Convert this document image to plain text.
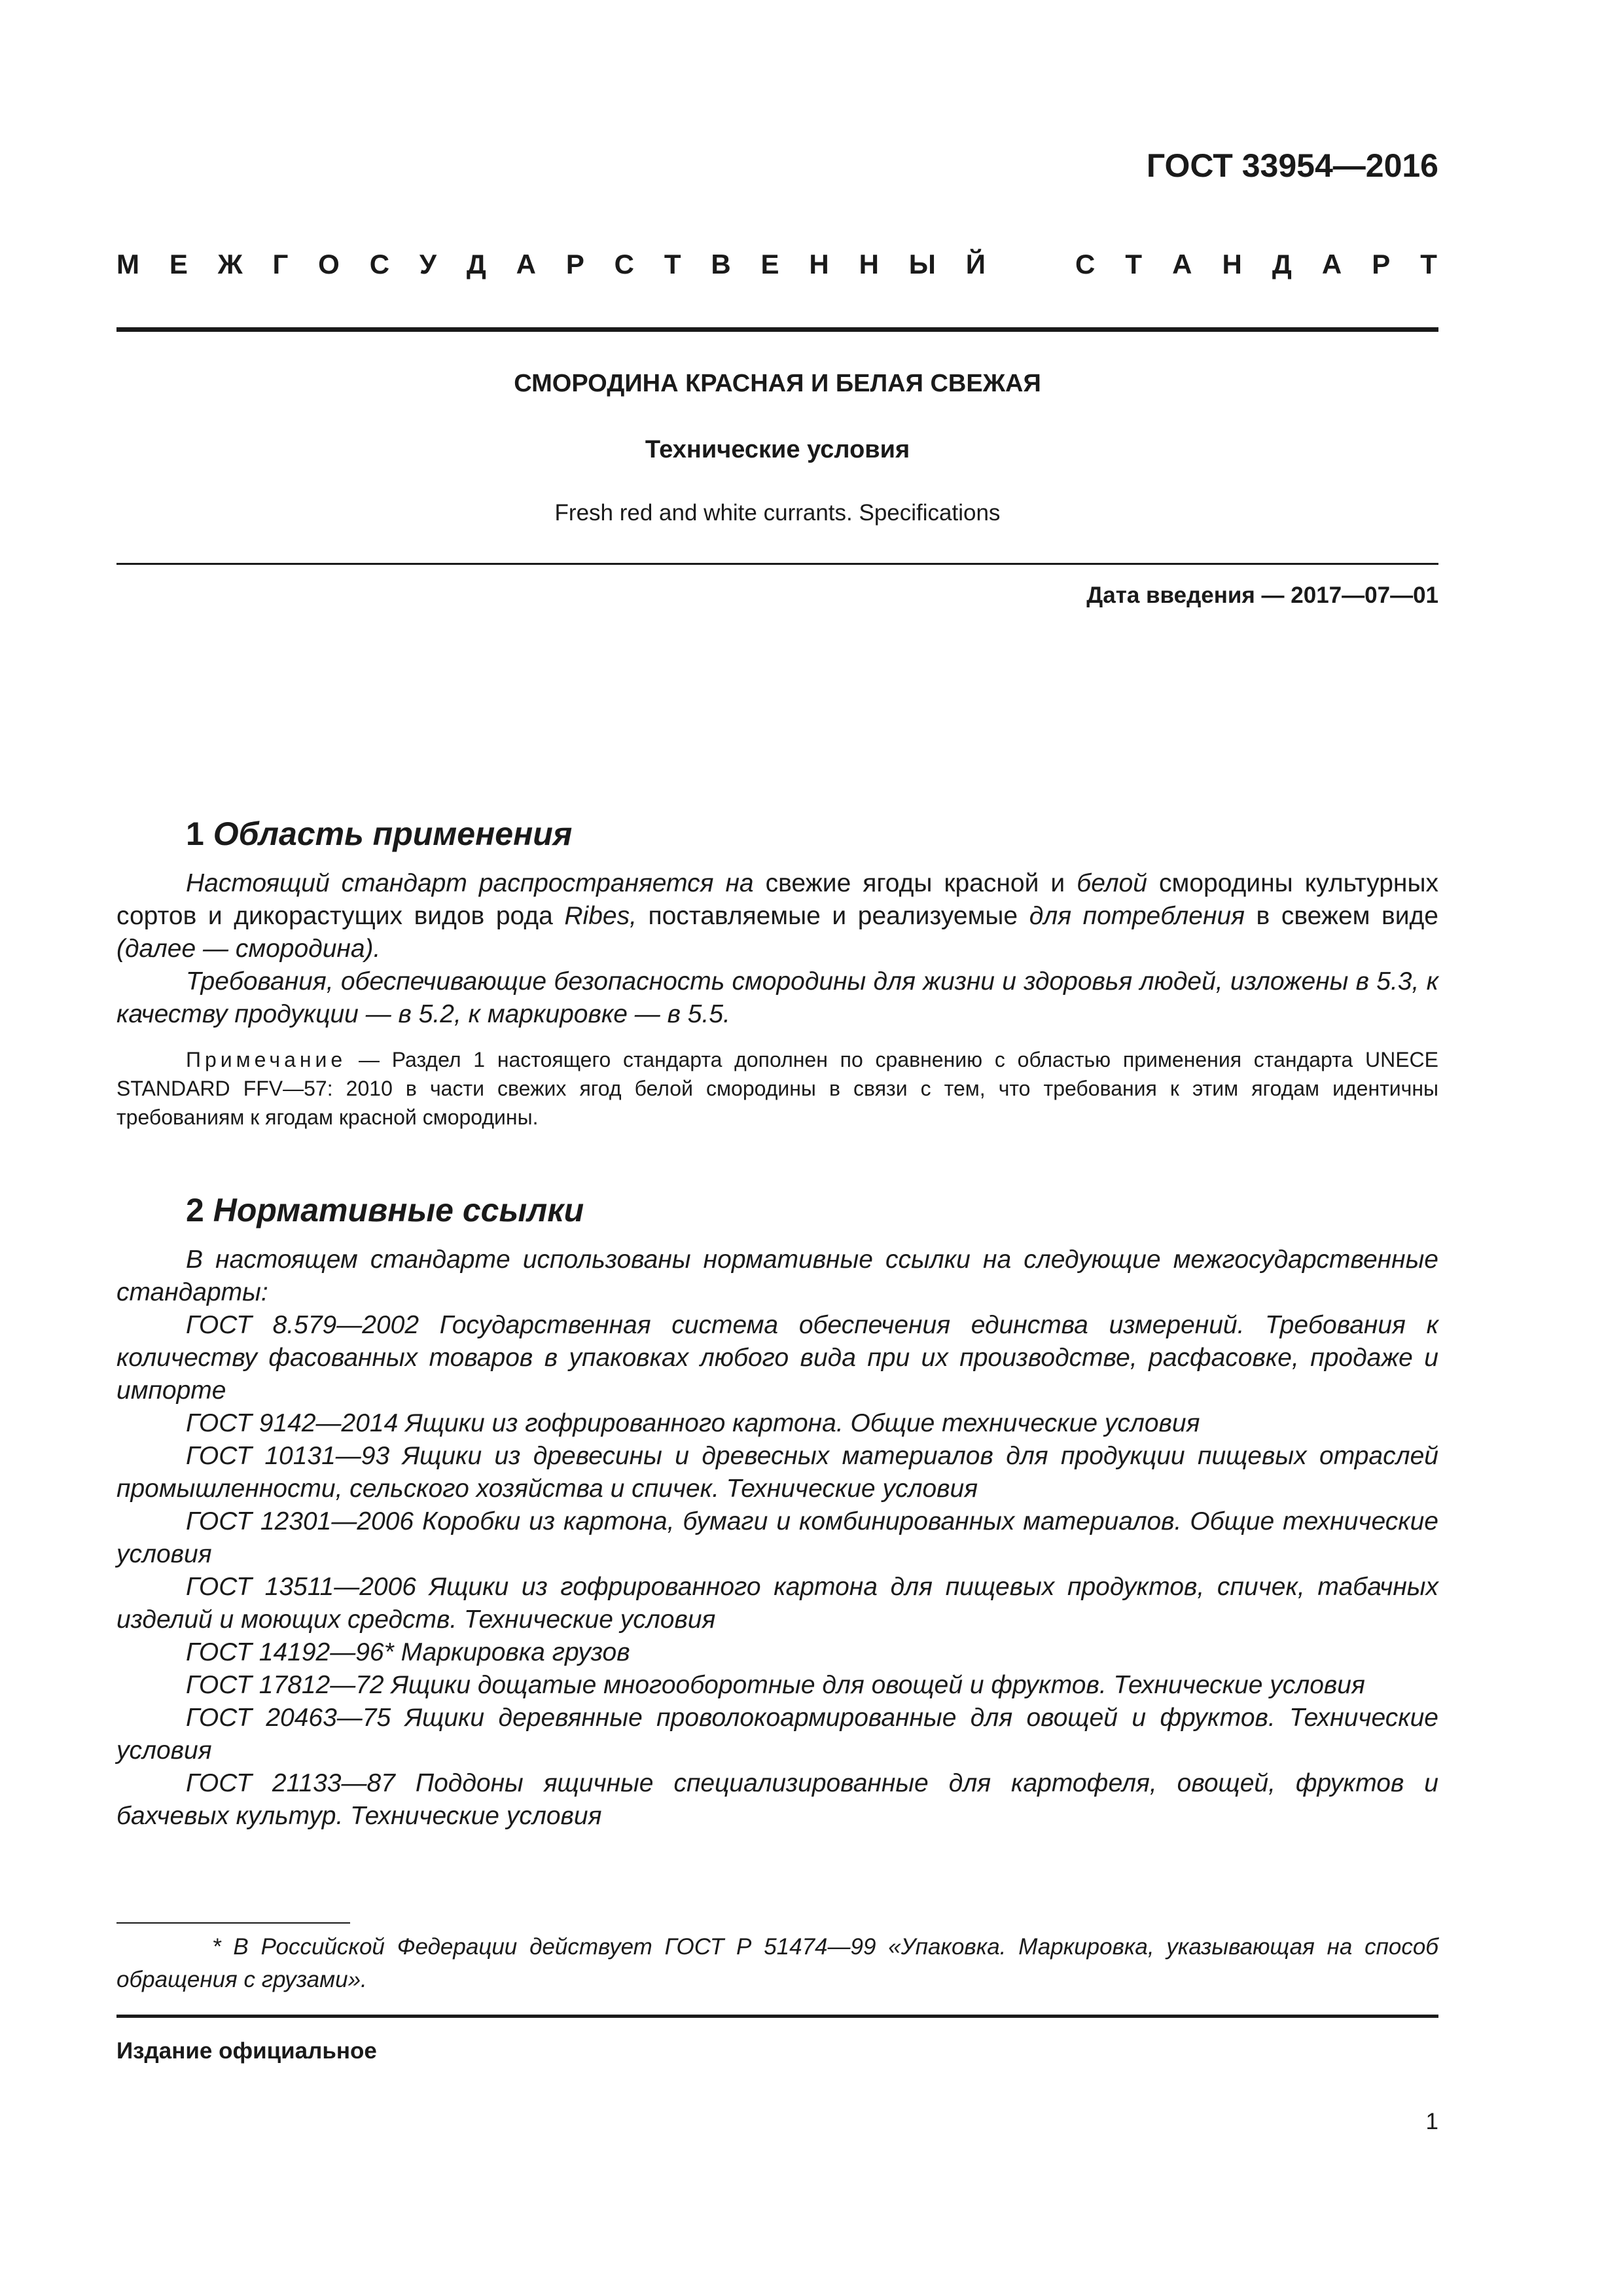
ГОСТ 33954—2016
М Е Ж Г О С У Д А Р С Т В Е Н Н Ы Й	С Т А Н Д А Р Т
СМОРОДИНА КРАСНАЯ И БЕЛАЯ СВЕЖАЯ
Технические условия
Fresh red and white currants. Specifications
Дата введения — 2017—07—01
1 Область применения
Настоящий стандарт распространяется на свежие ягоды красной и белой смородины культурных сортов и дикорастущих видов рода Ribes, поставляемые и реализуемые для потребления в свежем виде (далее — смородина).
Требования, обеспечивающие безопасность смородины для жизни и здоровья людей, изложены в 5.3, к качеству продукции — в 5.2, к маркировке — в 5.5.
Примечание — Раздел 1 настоящего стандарта дополнен по сравнению с областью применения стандарта UNECE STANDARD FFV—57: 2010 в части свежих ягод белой смородины в связи с тем, что требования к этим ягодам идентичны требованиям к ягодам красной смородины.
2 Нормативные ссылки
В настоящем стандарте использованы нормативные ссылки на следующие межгосударственные стандарты:
ГОСТ 8.579—2002 Государственная система обеспечения единства измерений. Требования к количеству фасованных товаров в упаковках любого вида при их производстве, расфасовке, продаже и импорте
ГОСТ 9142—2014 Ящики из гофрированного картона. Общие технические условия
ГОСТ 10131—93 Ящики из древесины и древесных материалов для продукции пищевых отраслей промышленности, сельского хозяйства и спичек. Технические условия
ГОСТ 12301—2006 Коробки из картона, бумаги и комбинированных материалов. Общие технические условия
ГОСТ 13511—2006 Ящики из гофрированного картона для пищевых продуктов, спичек, табачных изделий и моющих средств. Технические условия
ГОСТ 14192—96* Маркировка грузов
ГОСТ 17812—72 Ящики дощатые многооборотные для овощей и фруктов. Технические условия
ГОСТ 20463—75 Ящики деревянные проволокоармированные для овощей и фруктов. Технические условия
ГОСТ 21133—87 Поддоны ящичные специализированные для картофеля, овощей, фруктов и бахчевых культур. Технические условия
* В Российской Федерации действует ГОСТ Р 51474—99 «Упаковка. Маркировка, указывающая на способ обращения с грузами».
Издание официальное
1
